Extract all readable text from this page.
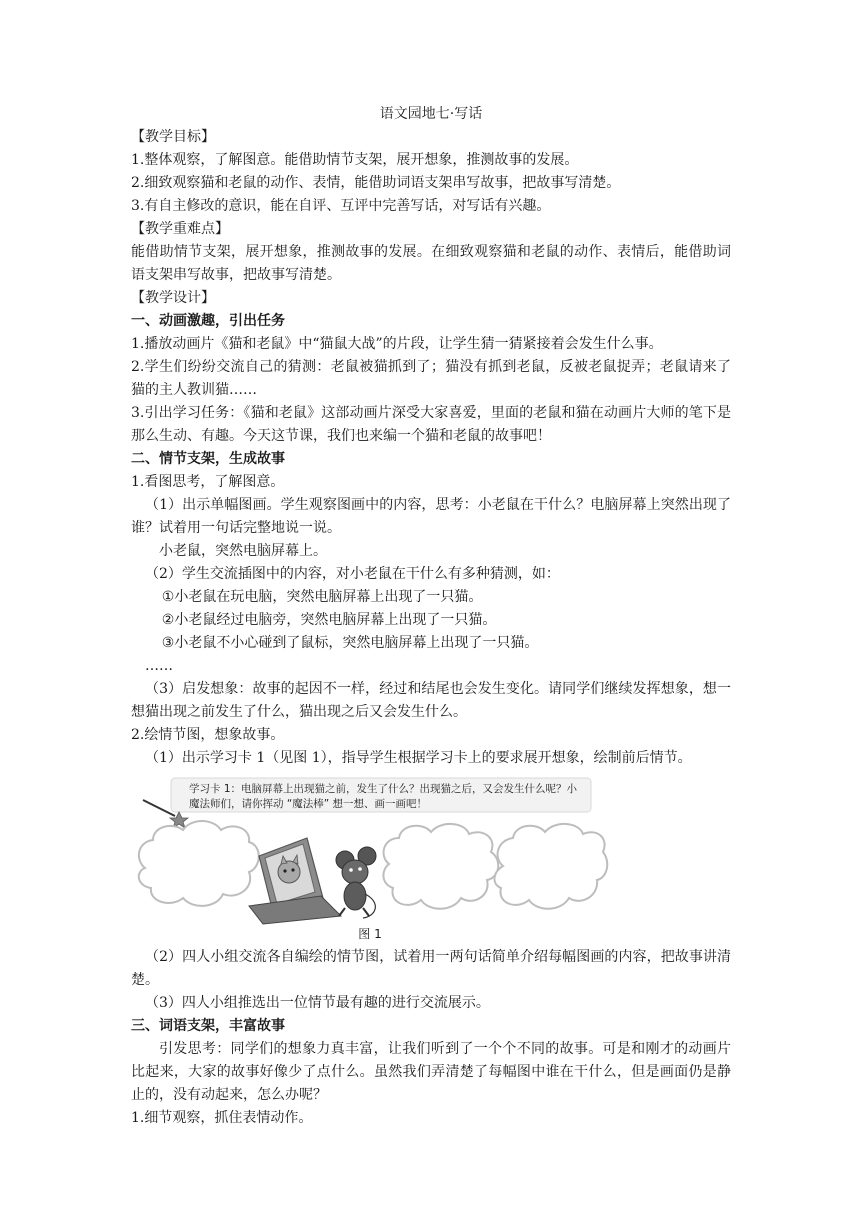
语文园地七·写话

【教学目标】

1.整体观察，了解图意。能借助情节支架，展开想象，推测故事的发展。

2.细致观察猫和老鼠的动作、表情，能借助词语支架串写故事，把故事写清楚。

3.有自主修改的意识，能在自评、互评中完善写话，对写话有兴趣。

【教学重难点】

能借助情节支架，展开想象，推测故事的发展。在细致观察猫和老鼠的动作、表情后，能借助词语支架串写故事，把故事写清楚。

【教学设计】

一、动画激趣，引出任务

1.播放动画片《猫和老鼠》中“猫鼠大战”的片段，让学生猜一猜紧接着会发生什么事。

2.学生们纷纷交流自己的猜测：老鼠被猫抓到了；猫没有抓到老鼠，反被老鼠捉弄；老鼠请来了猫的主人教训猫……

3.引出学习任务：《猫和老鼠》这部动画片深受大家喜爱，里面的老鼠和猫在动画片大师的笔下是那么生动、有趣。今天这节课，我们也来编一个猫和老鼠的故事吧！

二、情节支架，生成故事

1.看图思考，了解图意。

（1）出示单幅图画。学生观察图画中的内容，思考：小老鼠在干什么？电脑屏幕上突然出现了谁？试着用一句话完整地说一说。

小老鼠，突然电脑屏幕上。

（2）学生交流插图中的内容，对小老鼠在干什么有多种猜测，如：

①小老鼠在玩电脑，突然电脑屏幕上出现了一只猫。

②小老鼠经过电脑旁，突然电脑屏幕上出现了一只猫。

③小老鼠不小心碰到了鼠标，突然电脑屏幕上出现了一只猫。

……

（3）启发想象：故事的起因不一样，经过和结尾也会发生变化。请同学们继续发挥想象，想一想猫出现之前发生了什么，猫出现之后又会发生什么。

2.绘情节图，想象故事。

（1）出示学习卡 1（见图 1），指导学生根据学习卡上的要求展开想象，绘制前后情节。

学习卡 1：电脑屏幕上出现猫之前，发生了什么？出现猫之后，又会发生什么呢？小
魔法师们，请你挥动 “魔法棒” 想一想、画一画吧！

图 1

（2）四人小组交流各自编绘的情节图，试着用一两句话简单介绍每幅图画的内容，把故事讲清楚。

（3）四人小组推选出一位情节最有趣的进行交流展示。

三、词语支架，丰富故事

引发思考：同学们的想象力真丰富，让我们听到了一个个不同的故事。可是和刚才的动画片比起来，大家的故事好像少了点什么。虽然我们弄清楚了每幅图中谁在干什么，但是画面仍是静止的，没有动起来，怎么办呢？

1.细节观察，抓住表情动作。
